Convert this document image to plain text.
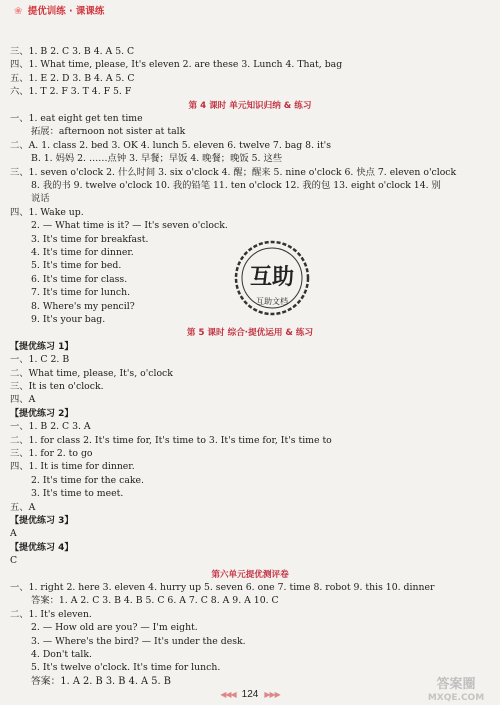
❀ 提优训练 · 课课练
三、1. B 2. C 3. B 4. A 5. C
四、1. What time, please, It's eleven 2. are these 3. Lunch 4. That, bag
五、1. E 2. D 3. B 4. A 5. C
六、1. T 2. F 3. T 4. F 5. F
第 4 课时 单元知识归纳 & 练习
一、1. eat eight get ten time
拓展：afternoon not sister at talk
二、A. 1. class 2. bed 3. OK 4. lunch 5. eleven 6. twelve 7. bag 8. it's
B. 1. 妈妈 2. ……点钟 3. 早餐；早饭 4. 晚餐；晚饭 5. 这些
三、1. seven o'clock 2. 什么时间 3. six o'clock 4. 醒；醒来 5. nine o'clock 6. 快点 7. eleven o'clock
8. 我的书 9. twelve o'clock 10. 我的铅笔 11. ten o'clock 12. 我的包 13. eight o'clock 14. 别
说话
四、1. Wake up.
2. — What time is it? — It's seven o'clock.
3. It's time for breakfast.
4. It's time for dinner.
5. It's time for bed.
6. It's time for class.
7. It's time for lunch.
8. Where's my pencil?
9. It's your bag.
第 5 课时 综合·提优运用 & 练习
【提优练习 1】
一、1. C 2. B
二、What time, please, It's, o'clock
三、It is ten o'clock.
四、A
【提优练习 2】
一、1. B 2. C 3. A
二、1. for class 2. It's time for, It's time to 3. It's time for, It's time to
三、1. for 2. to go
四、1. It is time for dinner.
2. It's time for the cake.
3. It's time to meet.
五、A
【提优练习 3】
A
【提优练习 4】
C
第六单元提优测评卷
一、1. right 2. here 3. eleven 4. hurry up 5. seven 6. one 7. time 8. robot 9. this 10. dinner
答案：1. A 2. C 3. B 4. B 5. C 6. A 7. C 8. A 9. A 10. C
二、1. It's eleven.
2. — How old are you? — I'm eight.
3. — Where's the bird? — It's under the desk.
4. Don't talk.
5. It's twelve o'clock. It's time for lunch.
答案：1. A 2. B 3. B 4. A 5. B
互助
互助文档
◀◀◀ 124 ▶▶▶
答案圈
MXQE.COM
